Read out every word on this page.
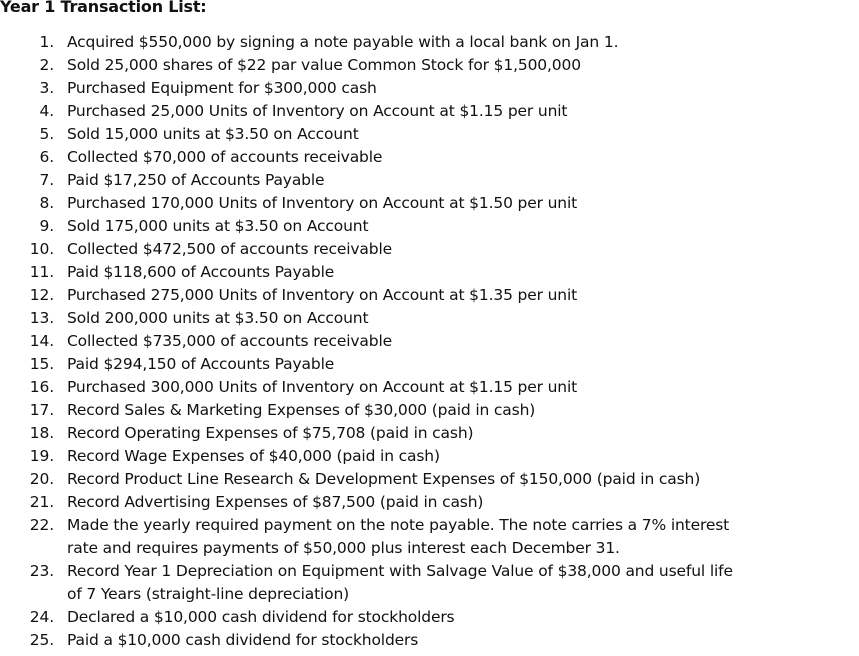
Year 1 Transaction List:
1. Acquired $550,000 by signing a note payable with a local bank on Jan 1.
2. Sold 25,000 shares of $22 par value Common Stock for $1,500,000
3. Purchased Equipment for $300,000 cash
4. Purchased 25,000 Units of Inventory on Account at $1.15 per unit
5. Sold 15,000 units at $3.50 on Account
6. Collected $70,000 of accounts receivable
7. Paid $17,250 of Accounts Payable
8. Purchased 170,000 Units of Inventory on Account at $1.50 per unit
9. Sold 175,000 units at $3.50 on Account
10. Collected $472,500 of accounts receivable
11. Paid $118,600 of Accounts Payable
12. Purchased 275,000 Units of Inventory on Account at $1.35 per unit
13. Sold 200,000 units at $3.50 on Account
14. Collected $735,000 of accounts receivable
15. Paid $294,150 of Accounts Payable
16. Purchased 300,000 Units of Inventory on Account at $1.15 per unit
17. Record Sales & Marketing Expenses of $30,000 (paid in cash)
18. Record Operating Expenses of $75,708 (paid in cash)
19. Record Wage Expenses of $40,000 (paid in cash)
20. Record Product Line Research & Development Expenses of $150,000 (paid in cash)
21. Record Advertising Expenses of $87,500 (paid in cash)
22. Made the yearly required payment on the note payable. The note carries a 7% interest
rate and requires payments of $50,000 plus interest each December 31.
23. Record Year 1 Depreciation on Equipment with Salvage Value of $38,000 and useful life
of 7 Years (straight-line depreciation)
24. Declared a $10,000 cash dividend for stockholders
25. Paid a $10,000 cash dividend for stockholders
